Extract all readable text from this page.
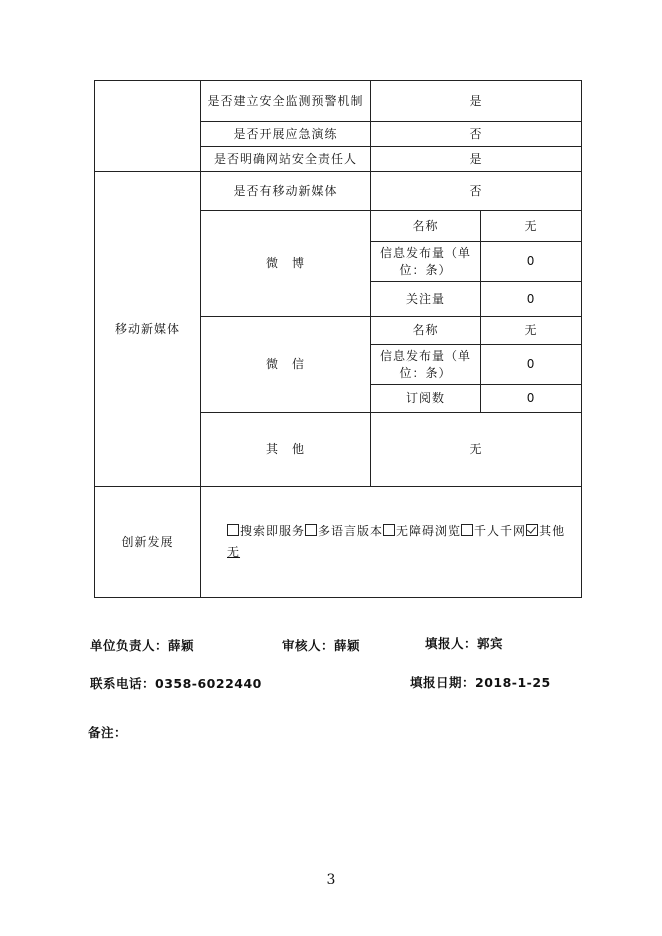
	是否建立安全监测预警机制	是	
	是否开展应急演练	否	
	是否明确网站安全责任人	是	
移动新媒体	是否有移动新媒体	否	
	微　博	名称	无
		信息发布量（单位：条）	0
		关注量	0
	微　信	名称	无
		信息发布量（单位：条）	0
		订阅数	0
	其　他	无	
创新发展	搜索即服务 多语言版本 无障碍浏览 千人千网 其他
无		
单位负责人：薛颖	审核人：薛颖	填报人：郭宾
联系电话：0358-6022440	填报日期：2018-1-25
备注：
3
